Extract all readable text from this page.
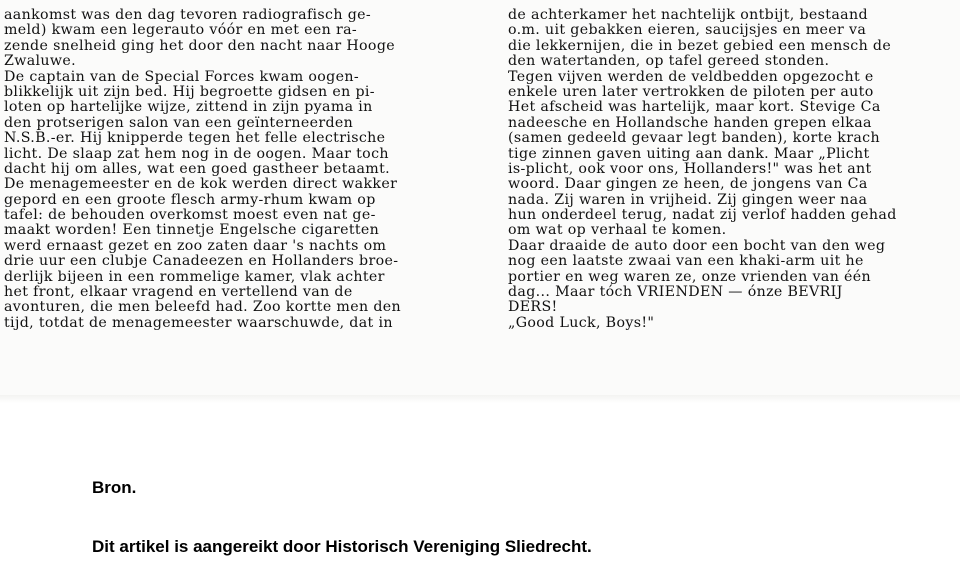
aankomst was den dag tevoren radiografisch ge-
meld) kwam een legerauto vóór en met een ra-
zende snelheid ging het door den nacht naar Hooge
Zwaluwe.
De captain van de Special Forces kwam oogen-
blikkelijk uit zijn bed. Hij begroette gidsen en pi-
loten op hartelijke wijze, zittend in zijn pyama in
den protserigen salon van een geïnterneerden
N.S.B.-er. Hij knipperde tegen het felle electrische
licht. De slaap zat hem nog in de oogen. Maar toch
dacht hij om alles, wat een goed gastheer betaamt.
De menagemeester en de kok werden direct wakker
gepord en een groote flesch army-rhum kwam op
tafel: de behouden overkomst moest even nat ge-
maakt worden! Een tinnetje Engelsche cigaretten
werd ernaast gezet en zoo zaten daar 's nachts om
drie uur een clubje Canadeezen en Hollanders broe-
derlijk bijeen in een rommelige kamer, vlak achter
het front, elkaar vragend en vertellend van de
avonturen, die men beleefd had. Zoo kortte men den
tijd, totdat de menagemeester waarschuwde, dat in
de achterkamer het nachtelijk ontbijt, bestaand
o.m. uit gebakken eieren, saucijsjes en meer va
die lekkernijen, die in bezet gebied een mensch de
den watertanden, op tafel gereed stonden.
Tegen vijven werden de veldbedden opgezocht e
enkele uren later vertrokken de piloten per auto
Het afscheid was hartelijk, maar kort. Stevige Ca
nadeesche en Hollandsche handen grepen elkaa
(samen gedeeld gevaar legt banden), korte krach
tige zinnen gaven uiting aan dank. Maar „Plicht
is-plicht, ook voor ons, Hollanders!" was het ant
woord. Daar gingen ze heen, de jongens van Ca
nada. Zij waren in vrijheid. Zij gingen weer naa
hun onderdeel terug, nadat zij verlof hadden gehad
om wat op verhaal te komen.
Daar draaide de auto door een bocht van den weg
nog een laatste zwaai van een khaki-arm uit he
portier en weg waren ze, onze vrienden van één
dag... Maar tóch VRIENDEN — ónze BEVRIJ
DERS!
„Good Luck, Boys!"
Bron.
Dit artikel is aangereikt door Historisch Vereniging Sliedrecht.
